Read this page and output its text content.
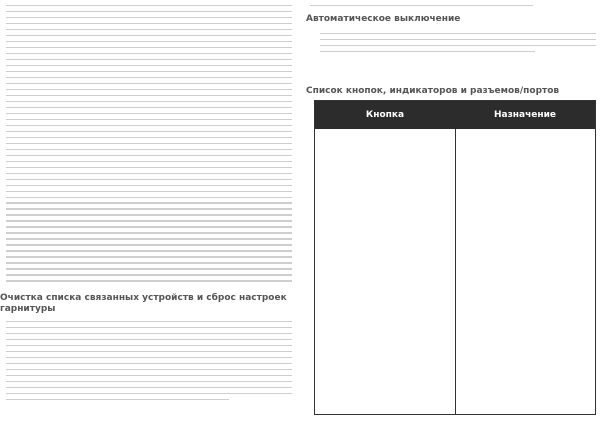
Очистка списка связанных устройств и сброс настроек гарнитуры
Автоматическое выключение
Список кнопок, индикаторов и разъемов/портов
Кнопка	Назначение
